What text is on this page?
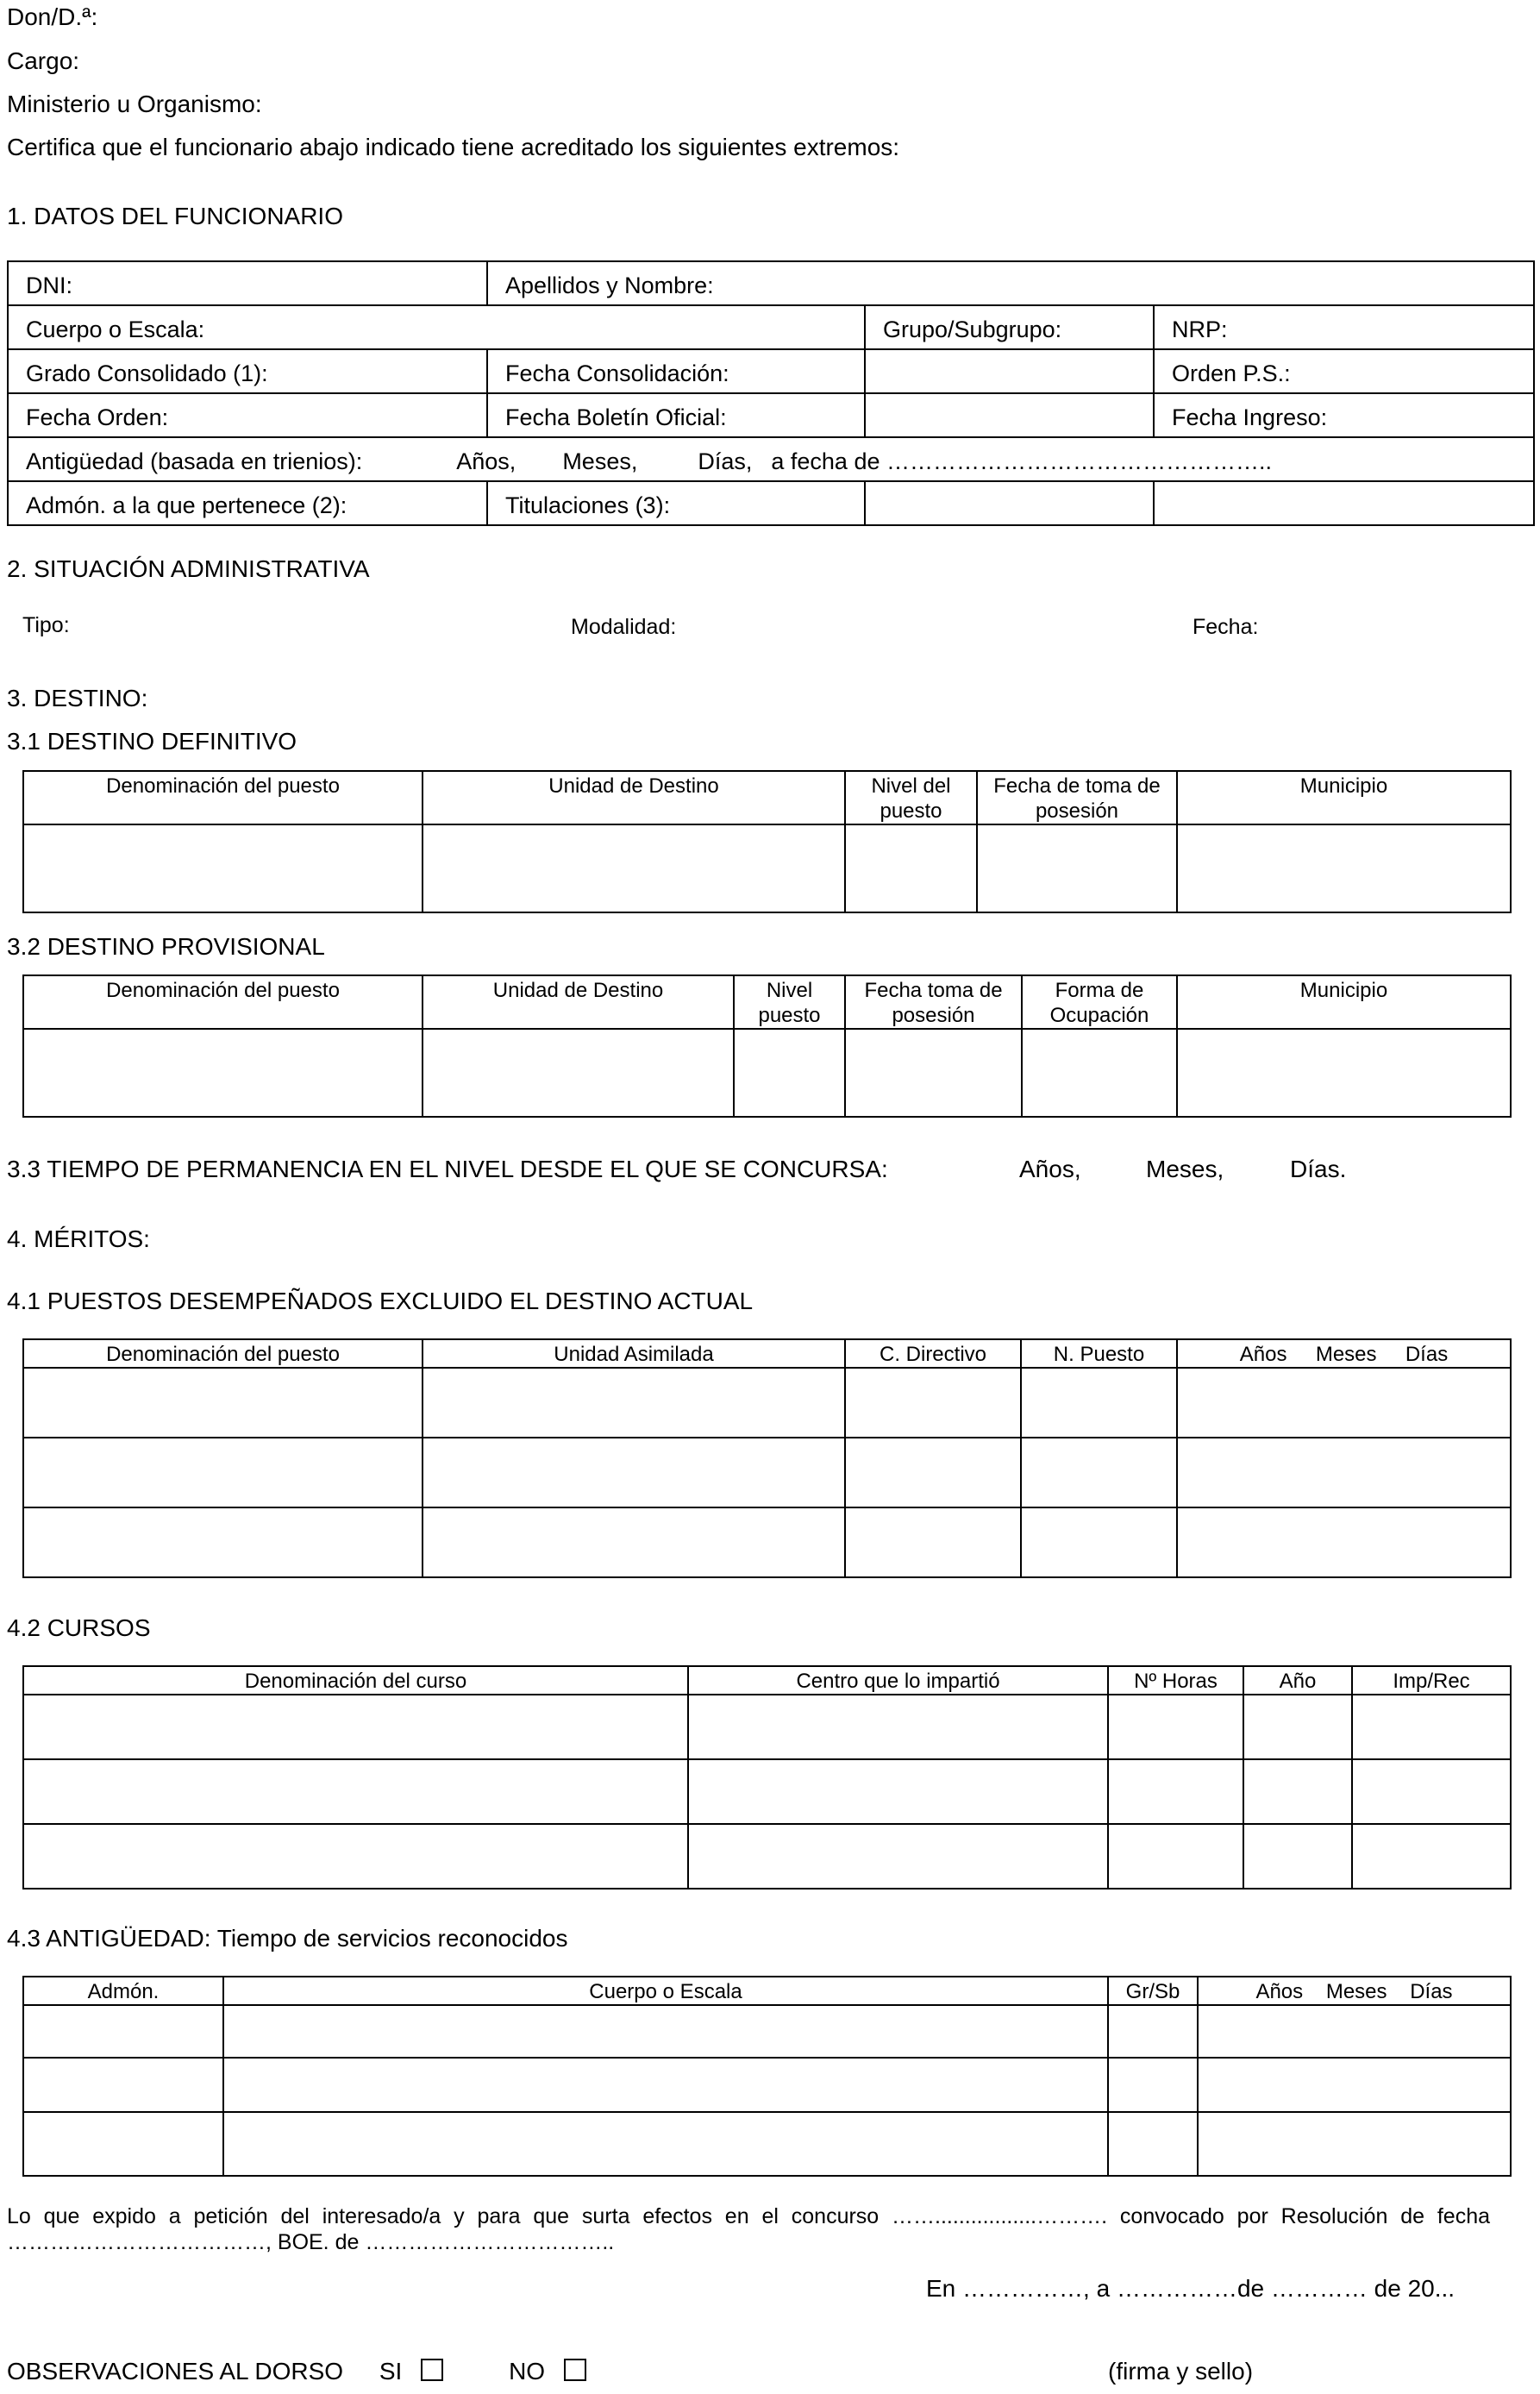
Don/D.ª:
Cargo:
Ministerio u Organismo:
Certifica que el funcionario abajo indicado tiene acreditado los siguientes extremos:
1. DATOS DEL FUNCIONARIO
DNI:	Apellidos y Nombre:		
Cuerpo o Escala:		Grupo/Subgrupo:	NRP:
Grado Consolidado (1):	Fecha Consolidación:		Orden P.S.:
Fecha Orden:	Fecha Boletín Oficial:		Fecha Ingreso:
Antigüedad (basada en trienios): Años, Meses, Días, a fecha de …………………………………………..			
Admón. a la que pertenece (2):	Titulaciones (3):		
2. SITUACIÓN ADMINISTRATIVA
Tipo:	Modalidad:	Fecha:
3. DESTINO:
3.1 DESTINO DEFINITIVO
Denominación del puesto	Unidad de Destino	Nivel del puesto	Fecha de toma de posesión	Municipio

3.2 DESTINO PROVISIONAL
Denominación del puesto	Unidad de Destino	Nivel puesto	Fecha toma de posesión	Forma de Ocupación	Municipio

3.3 TIEMPO DE PERMANENCIA EN EL NIVEL DESDE EL QUE SE CONCURSA:	Años,	Meses,	Días.
4. MÉRITOS:
4.1 PUESTOS DESEMPEÑADOS EXCLUIDO EL DESTINO ACTUAL
Denominación del puesto	Unidad Asimilada	C. Directivo	N. Puesto	Años     Meses     Días

4.2 CURSOS
Denominación del curso	Centro que lo impartió	Nº Horas	Año	Imp/Rec

4.3 ANTIGÜEDAD: Tiempo de servicios reconocidos
Admón.	Cuerpo o Escala	Gr/Sb	Años    Meses    Días

Lo que expido a petición del interesado/a y para que surta efectos en el concurso …….................………. convocado por Resolución de fecha ………………………………, BOE. de ……………………………..
En ……………, a ……………de ………… de 20...
OBSERVACIONES AL DORSO SI	NO	(firma y sello)
